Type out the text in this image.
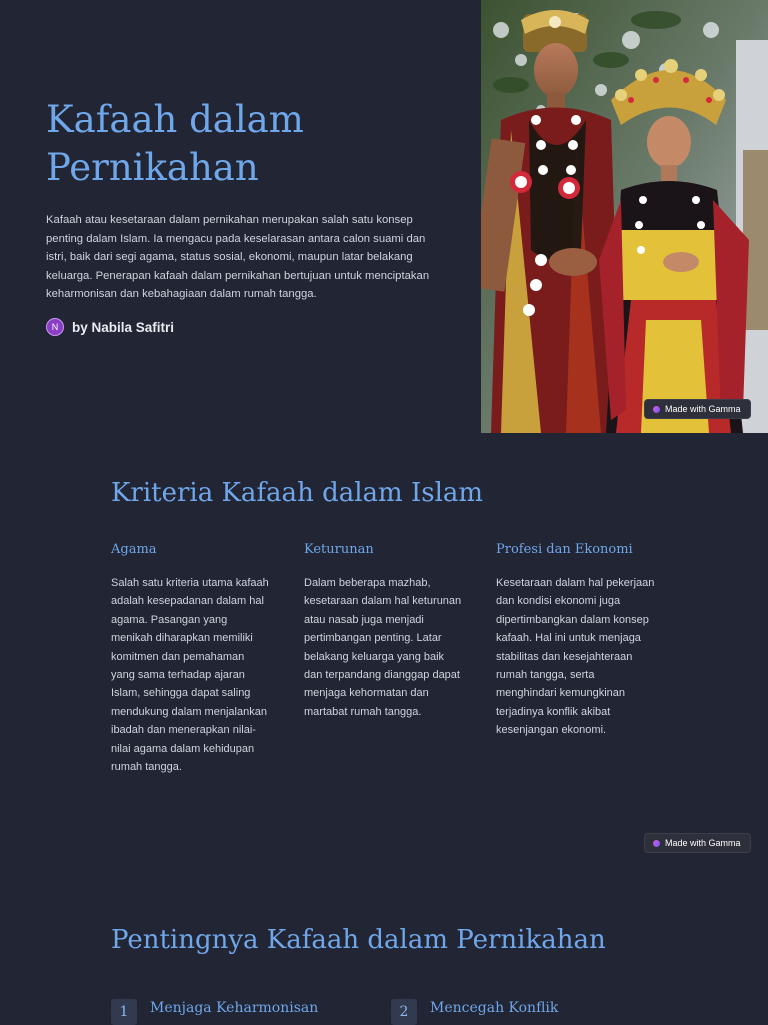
Kafaah dalam Pernikahan

Kafaah atau kesetaraan dalam pernikahan merupakan salah satu konsep penting dalam Islam. Ia mengacu pada keselarasan antara calon suami dan istri, baik dari segi agama, status sosial, ekonomi, maupun latar belakang keluarga. Penerapan kafaah dalam pernikahan bertujuan untuk menciptakan keharmonisan dan kebahagiaan dalam rumah tangga.

N	by Nabila Safitri
Made with Gamma
Kriteria Kafaah dalam Islam
Agama

Salah satu kriteria utama kafaah adalah kesepadanan dalam hal agama. Pasangan yang menikah diharapkan memiliki komitmen dan pemahaman yang sama terhadap ajaran Islam, sehingga dapat saling mendukung dalam menjalankan ibadah dan menerapkan nilai-nilai agama dalam kehidupan rumah tangga.

Keturunan

Dalam beberapa mazhab, kesetaraan dalam hal keturunan atau nasab juga menjadi pertimbangan penting. Latar belakang keluarga yang baik dan terpandang dianggap dapat menjaga kehormatan dan martabat rumah tangga.

Profesi dan Ekonomi

Kesetaraan dalam hal pekerjaan dan kondisi ekonomi juga dipertimbangkan dalam konsep kafaah. Hal ini untuk menjaga stabilitas dan kesejahteraan rumah tangga, serta menghindari kemungkinan terjadinya konflik akibat kesenjangan ekonomi.

Made with Gamma
Pentingnya Kafaah dalam Pernikahan
1	Menjaga Keharmonisan	2	Mencegah Konflik
